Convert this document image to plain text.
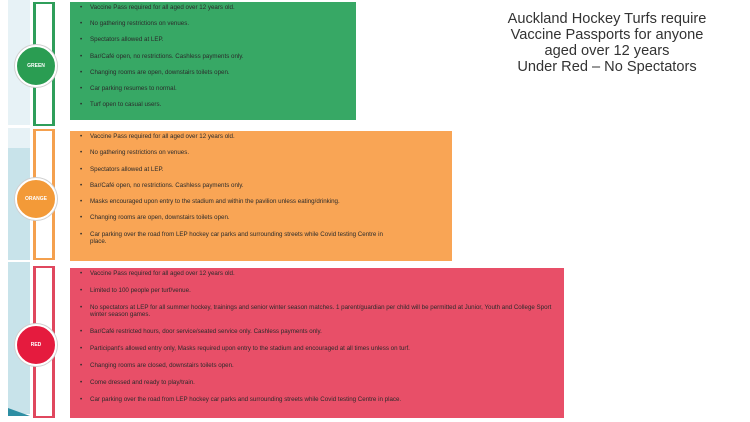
GREEN
ORANGE
RED
• Vaccine Pass required for all aged over 12 years old.
• No gathering restrictions on venues.
• Spectators allowed at LEP.
• Bar/Café open, no restrictions. Cashless payments only.
• Changing rooms are open, downstairs toilets open.
• Car parking resumes to normal.
• Turf open to casual users.
• Vaccine Pass required for all aged over 12 years old.
• No gathering restrictions on venues.
• Spectators allowed at LEP.
• Bar/Café open, no restrictions. Cashless payments only.
• Masks encouraged upon entry to the stadium and within the pavilion unless eating/drinking.
• Changing rooms are open, downstairs toilets open.
• Car parking over the road from LEP hockey car parks and surrounding streets while Covid testing Centre in place.
• Vaccine Pass required for all aged over 12 years old.
• Limited to 100 people per turf/venue.
• No spectators at LEP for all summer hockey, trainings and senior winter season matches. 1 parent/guardian per child will be permitted at Junior, Youth and College Sport winter season games.
• Bar/Café restricted hours, door service/seated service only. Cashless payments only.
• Participant's allowed entry only, Masks required upon entry to the stadium and encouraged at all times unless on turf.
• Changing rooms are closed, downstairs toilets open.
• Come dressed and ready to play/train.
• Car parking over the road from LEP hockey car parks and surrounding streets while Covid testing Centre in place.
Auckland Hockey Turfs require
Vaccine Passports for anyone
aged over 12 years
Under Red – No Spectators
